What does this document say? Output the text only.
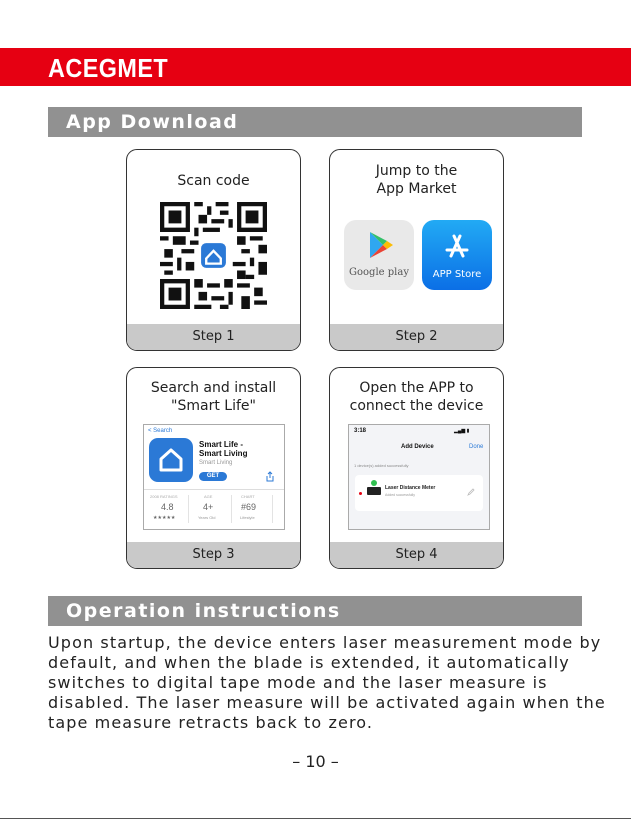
ACEGMET
App Download
Scan code
Step 1
Jump to the
App Market
Google play	APP Store
Step 2
Search and install
"Smart Life"
< Search
Smart Life -
Smart Living
Smart Living
GET
2008 RATINGS	AGE	CHART
4.8
★★★★★
4+
Years Old
#69
Lifestyle
Step 3
Open the APP to
connect the device
3:18	▂▄▆ ▮
Add Device	Done
1 device(s) added successfully
Laser Distance Meter
Added successfully
Step 4
Operation instructions
Upon startup, the device enters laser measurement mode by default, and when the blade is extended, it automatically switches to digital tape mode and the laser measure is disabled. The laser measure will be activated again when the tape measure retracts back to zero.
– 10 –
